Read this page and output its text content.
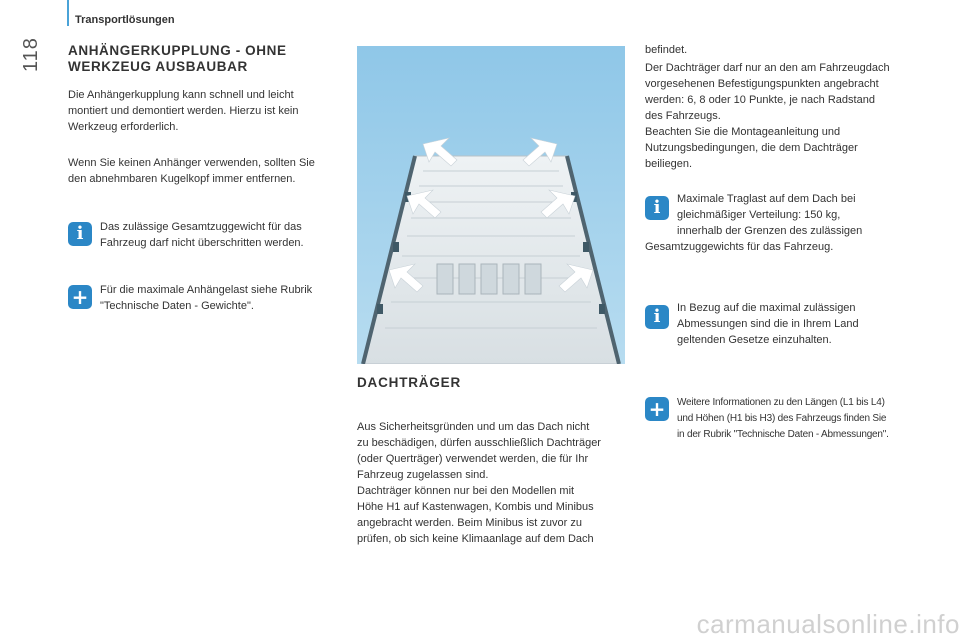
Transportlösungen
118 ANHÄNGERKUPPLUNG - OHNE
WERKZEUG AUSBAUBAR
Die Anhängerkupplung kann schnell und leicht
montiert und demontiert werden. Hierzu ist kein
Werkzeug erforderlich.
Wenn Sie keinen Anhänger verwenden, sollten Sie
den abnehmbaren Kugelkopf immer entfernen.
i	Das zulässige Gesamtzuggewicht für das
Fahrzeug darf nicht überschritten werden.
+	Für die maximale Anhängelast siehe Rubrik
"Technische Daten - Gewichte".
DACHTRÄGER
Aus Sicherheitsgründen und um das Dach nicht
zu beschädigen, dürfen ausschließlich Dachträger
(oder Querträger) verwendet werden, die für Ihr
Fahrzeug zugelassen sind.
Dachträger können nur bei den Modellen mit
Höhe H1 auf Kastenwagen, Kombis und Minibus
angebracht werden. Beim Minibus ist zuvor zu
prüfen, ob sich keine Klimaanlage auf dem Dach
befindet.
Der Dachträger darf nur an den am Fahrzeugdach
vorgesehenen Befestigungspunkten angebracht
werden: 6, 8 oder 10 Punkte, je nach Radstand
des Fahrzeugs.
Beachten Sie die Montageanleitung und
Nutzungsbedingungen, die dem Dachträger
beiliegen.
i	Maximale Traglast auf dem Dach bei
gleichmäßiger Verteilung: 150 kg,
innerhalb der Grenzen des zulässigen
Gesamtzuggewichts für das Fahrzeug.
i	In Bezug auf die maximal zulässigen
Abmessungen sind die in Ihrem Land
geltenden Gesetze einzuhalten.
+	Weitere Informationen zu den Längen (L1 bis L4)
und Höhen (H1 bis H3) des Fahrzeugs finden Sie
in der Rubrik "Technische Daten - Abmessungen".
carmanualsonline.info
